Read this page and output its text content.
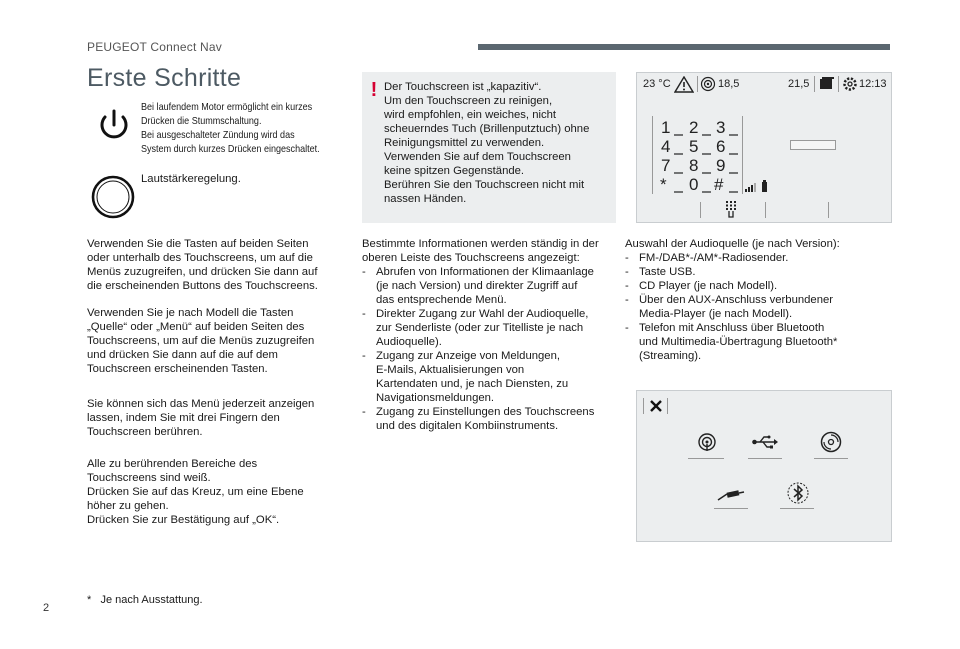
PEUGEOT Connect Nav
Erste Schritte
Bei laufendem Motor ermöglicht ein kurzes
Drücken die Stummschaltung.
Bei ausgeschalteter Zündung wird das
System durch kurzes Drücken eingeschaltet.
Lautstärkeregelung.
Verwenden Sie die Tasten auf beiden Seiten
oder unterhalb des Touchscreens, um auf die
Menüs zuzugreifen, und drücken Sie dann auf
die erscheinenden Buttons des Touchscreens.
Verwenden Sie je nach Modell die Tasten
„Quelle“ oder „Menü“ auf beiden Seiten des
Touchscreens, um auf die Menüs zuzugreifen
und drücken Sie dann auf die auf dem
Touchscreen erscheinenden Tasten.
Sie können sich das Menü jederzeit anzeigen
lassen, indem Sie mit drei Fingern den
Touchscreen berühren.
Alle zu berührenden Bereiche des
Touchscreens sind weiß.
Drücken Sie auf das Kreuz, um eine Ebene
höher zu gehen.
Drücken Sie zur Bestätigung auf „OK“.
! Der Touchscreen ist „kapazitiv“.
Um den Touchscreen zu reinigen,
wird empfohlen, ein weiches, nicht
scheuerndes Tuch (Brillenputztuch) ohne
Reinigungsmittel zu verwenden.
Verwenden Sie auf dem Touchscreen
keine spitzen Gegenstände.
Berühren Sie den Touchscreen nicht mit
nassen Händen.
Bestimmte Informationen werden ständig in der
oberen Leiste des Touchscreens angezeigt:
- Abrufen von Informationen der Klimaanlage
(je nach Version) und direkter Zugriff auf
das entsprechende Menü.
- Direkter Zugang zur Wahl der Audioquelle,
zur Senderliste (oder zur Titelliste je nach
Audioquelle).
- Zugang zur Anzeige von Meldungen,
E-Mails, Aktualisierungen von
Kartendaten und, je nach Diensten, zu
Navigationsmeldungen.
- Zugang zu Einstellungen des Touchscreens
und des digitalen Kombiinstruments.
Auswahl der Audioquelle (je nach Version):
- FM-/DAB*-/AM*-Radiosender.
- Taste USB.
- CD Player (je nach Modell).
- Über den AUX-Anschluss verbundener
Media-Player (je nach Modell).
- Telefon mit Anschluss über Bluetooth
und Multimedia-Übertragung Bluetooth*
(Streaming).
23 °C	18,5	21,5	12:13
1 2 3
4 5 6
7 8 9
* 0 #
*   Je nach Ausstattung.
2
